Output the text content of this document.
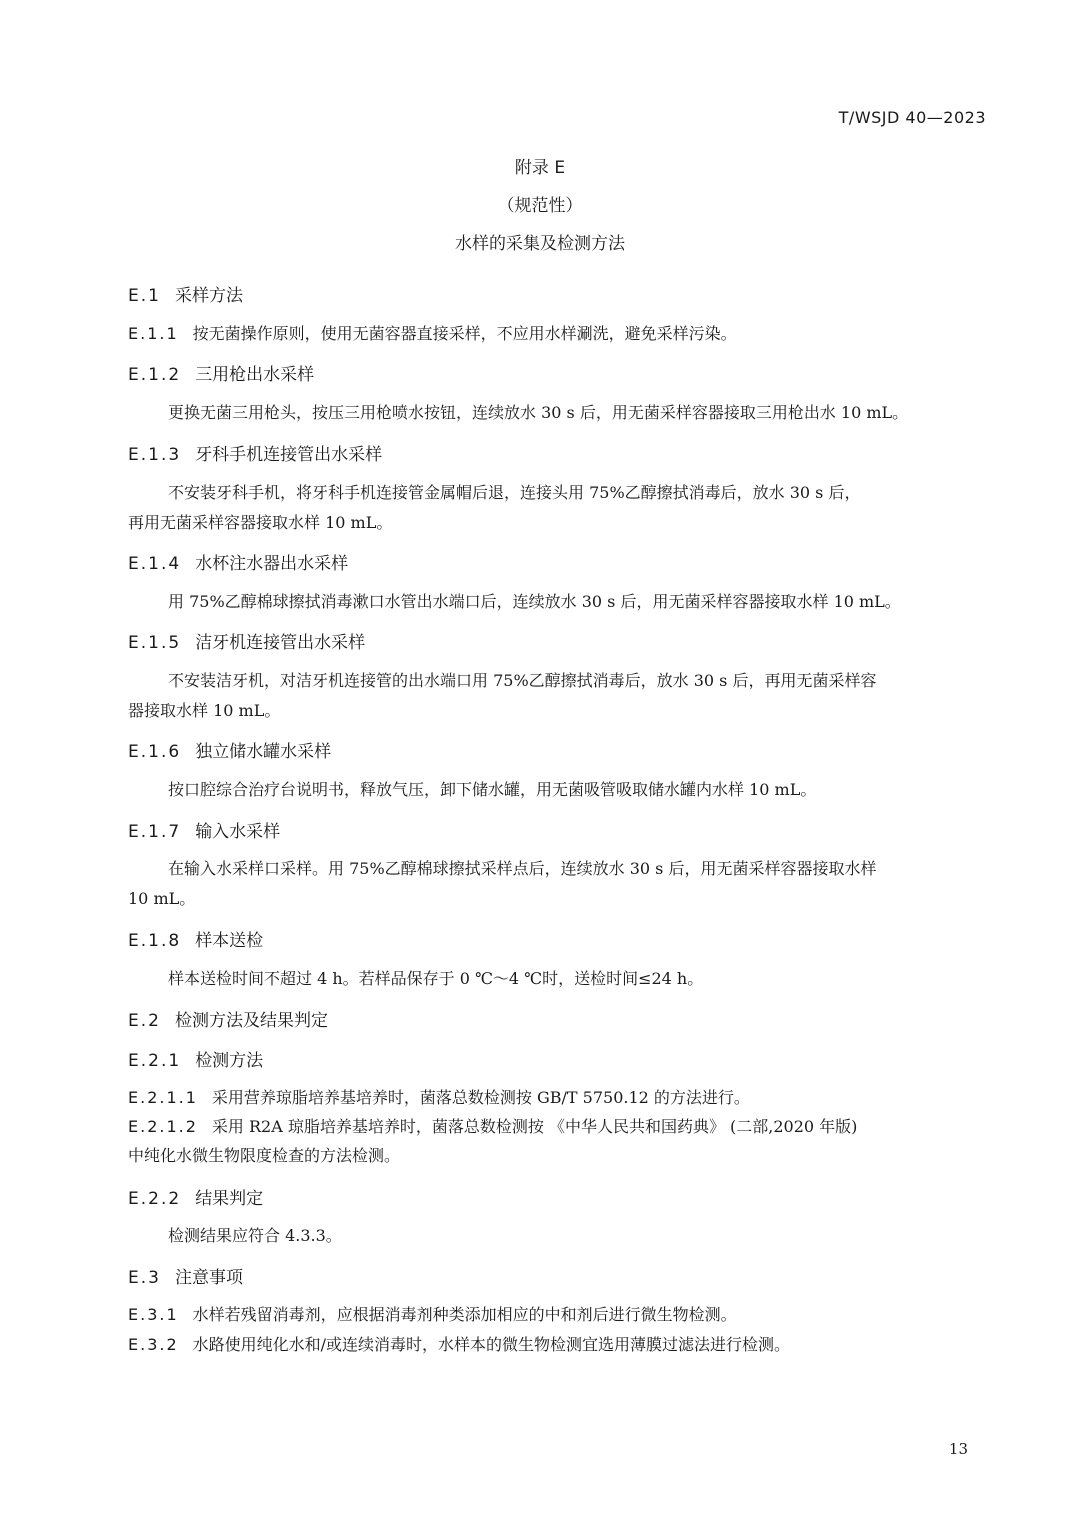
T/WSJD 40—2023
附录 E
（规范性）
水样的采集及检测方法
E.1 采样方法
E.1.1 按无菌操作原则，使用无菌容器直接采样，不应用水样涮洗，避免采样污染。
E.1.2 三用枪出水采样
更换无菌三用枪头，按压三用枪喷水按钮，连续放水 30 s 后，用无菌采样容器接取三用枪出水 10 mL。
E.1.3 牙科手机连接管出水采样
不安装牙科手机，将牙科手机连接管金属帽后退，连接头用 75%乙醇擦拭消毒后，放水 30 s 后，
再用无菌采样容器接取水样 10 mL。
E.1.4 水杯注水器出水采样
用 75%乙醇棉球擦拭消毒漱口水管出水端口后，连续放水 30 s 后，用无菌采样容器接取水样 10 mL。
E.1.5 洁牙机连接管出水采样
不安装洁牙机，对洁牙机连接管的出水端口用 75%乙醇擦拭消毒后，放水 30 s 后，再用无菌采样容
器接取水样 10 mL。
E.1.6 独立储水罐水采样
按口腔综合治疗台说明书，释放气压，卸下储水罐，用无菌吸管吸取储水罐内水样 10 mL。
E.1.7 输入水采样
在输入水采样口采样。用 75%乙醇棉球擦拭采样点后，连续放水 30 s 后，用无菌采样容器接取水样
10 mL。
E.1.8 样本送检
样本送检时间不超过 4 h。若样品保存于 0 ℃～4 ℃时，送检时间≤24 h。
E.2 检测方法及结果判定
E.2.1 检测方法
E.2.1.1 采用营养琼脂培养基培养时，菌落总数检测按 GB/T 5750.12 的方法进行。
E.2.1.2 采用 R2A 琼脂培养基培养时，菌落总数检测按 《中华人民共和国药典》 (二部,2020 年版)
中纯化水微生物限度检查的方法检测。
E.2.2 结果判定
检测结果应符合 4.3.3。
E.3 注意事项
E.3.1 水样若残留消毒剂，应根据消毒剂种类添加相应的中和剂后进行微生物检测。
E.3.2 水路使用纯化水和/或连续消毒时，水样本的微生物检测宜选用薄膜过滤法进行检测。
13
